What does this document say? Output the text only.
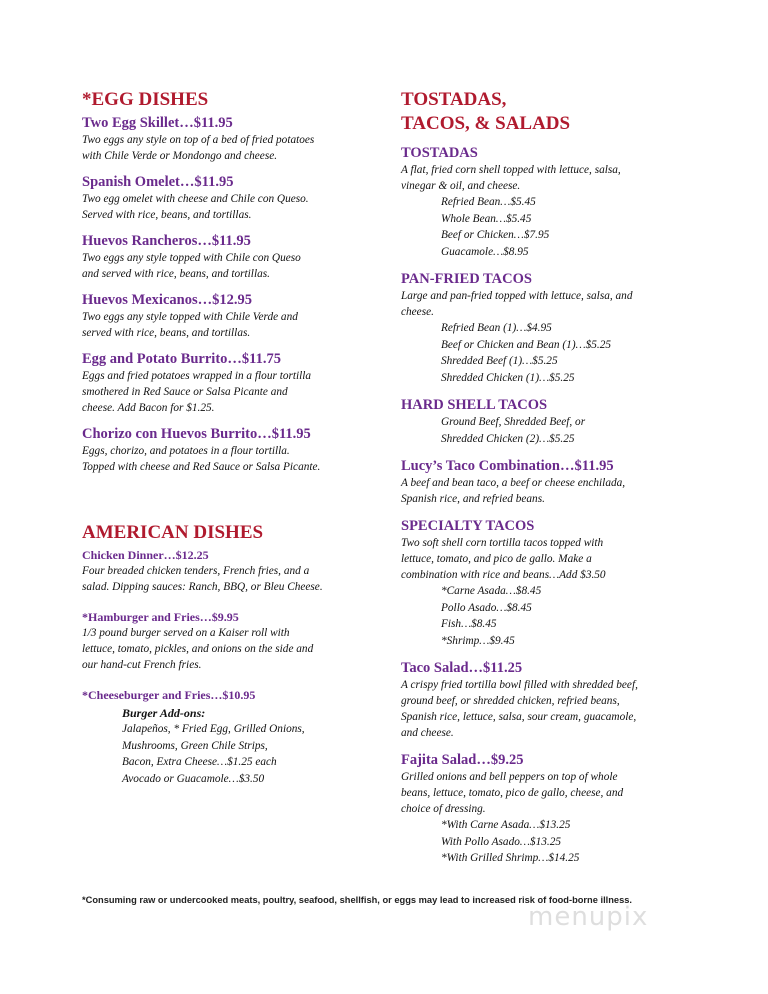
*EGG DISHES
Two Egg Skillet…$11.95
Two eggs any style on top of a bed of fried potatoes
with Chile Verde or Mondongo and cheese.
Spanish Omelet…$11.95
Two egg omelet with cheese and Chile con Queso.
Served with rice, beans, and tortillas.
Huevos Rancheros…$11.95
Two eggs any style topped with Chile con Queso
and served with rice, beans, and tortillas.
Huevos Mexicanos…$12.95
Two eggs any style topped with Chile Verde and
served with rice, beans, and tortillas.
Egg and Potato Burrito…$11.75
Eggs and fried potatoes wrapped in a flour tortilla
smothered in Red Sauce or Salsa Picante and
cheese. Add Bacon for $1.25.
Chorizo con Huevos Burrito…$11.95
Eggs, chorizo, and potatoes in a flour tortilla.
Topped with cheese and Red Sauce or Salsa Picante.
AMERICAN DISHES
Chicken Dinner…$12.25
Four breaded chicken tenders, French fries, and a
salad. Dipping sauces: Ranch, BBQ, or Bleu Cheese.
*Hamburger and Fries…$9.95
1/3 pound burger served on a Kaiser roll with
lettuce, tomato, pickles, and onions on the side and
our hand-cut French fries.
*Cheeseburger and Fries…$10.95
Burger Add-ons:
Jalapeños, * Fried Egg, Grilled Onions,
Mushrooms, Green Chile Strips,
Bacon, Extra Cheese…$1.25 each
Avocado or Guacamole…$3.50
TOSTADAS,
TACOS, & SALADS
TOSTADAS
A flat, fried corn shell topped with lettuce, salsa,
vinegar & oil, and cheese.
Refried Bean…$5.45
Whole Bean…$5.45
Beef or Chicken…$7.95
Guacamole…$8.95
PAN-FRIED TACOS
Large and pan-fried topped with lettuce, salsa, and
cheese.
Refried Bean (1)…$4.95
Beef or Chicken and Bean (1)…$5.25
Shredded Beef (1)…$5.25
Shredded Chicken (1)…$5.25
HARD SHELL TACOS
Ground Beef, Shredded Beef, or
Shredded Chicken (2)…$5.25
Lucy’s Taco Combination…$11.95
A beef and bean taco, a beef or cheese enchilada,
Spanish rice, and refried beans.
SPECIALTY TACOS
Two soft shell corn tortilla tacos topped with
lettuce, tomato, and pico de gallo. Make a
combination with rice and beans…Add $3.50
*Carne Asada…$8.45
Pollo Asado…$8.45
Fish…$8.45
*Shrimp…$9.45
Taco Salad…$11.25
A crispy fried tortilla bowl filled with shredded beef,
ground beef, or shredded chicken, refried beans,
Spanish rice, lettuce, salsa, sour cream, guacamole,
and cheese.
Fajita Salad…$9.25
Grilled onions and bell peppers on top of whole
beans, lettuce, tomato, pico de gallo, cheese, and
choice of dressing.
*With Carne Asada…$13.25
With Pollo Asado…$13.25
*With Grilled Shrimp…$14.25
*Consuming raw or undercooked meats, poultry, seafood, shellfish, or eggs may lead to increased risk of food-borne illness.
menupix
